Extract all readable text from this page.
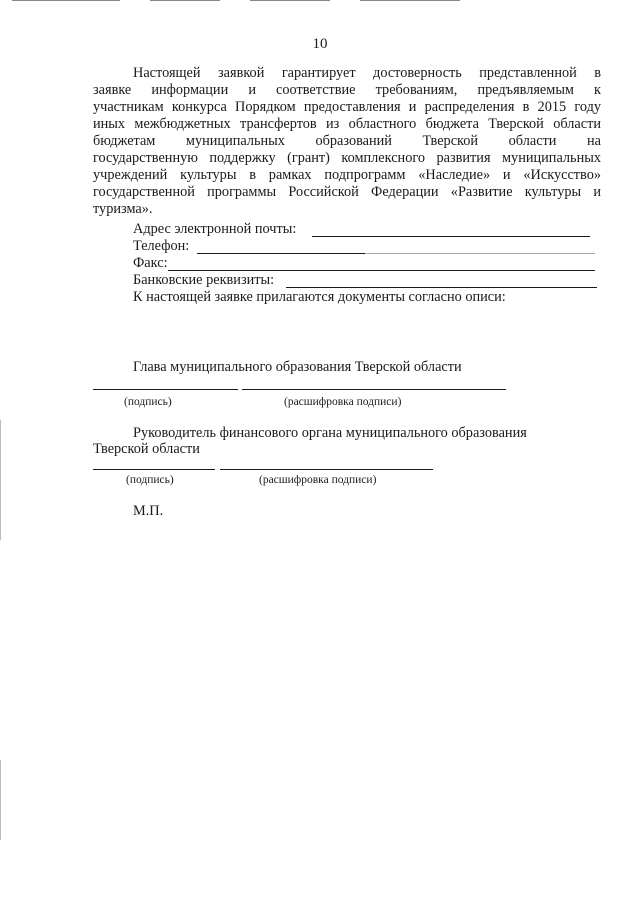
10
Настоящей заявкой гарантирует достоверность представленной в
заявке информации и соответствие требованиям, предъявляемым к
участникам конкурса Порядком предоставления и распределения в 2015 году
иных межбюджетных трансфертов из областного бюджета Тверской области
бюджетам муниципальных образований Тверской области на
государственную поддержку (грант) комплексного развития муниципальных
учреждений культуры в рамках подпрограмм «Наследие» и «Искусство»
государственной программы Российской Федерации «Развитие культуры и
туризма».
Адрес электронной почты:
Телефон:
Факс:
Банковские реквизиты:
К настоящей заявке прилагаются документы согласно описи:
Глава муниципального образования Тверской области
(подпись)	(расшифровка подписи)
Руководитель финансового органа муниципального образования
Тверской области
(подпись)	(расшифровка подписи)
М.П.
